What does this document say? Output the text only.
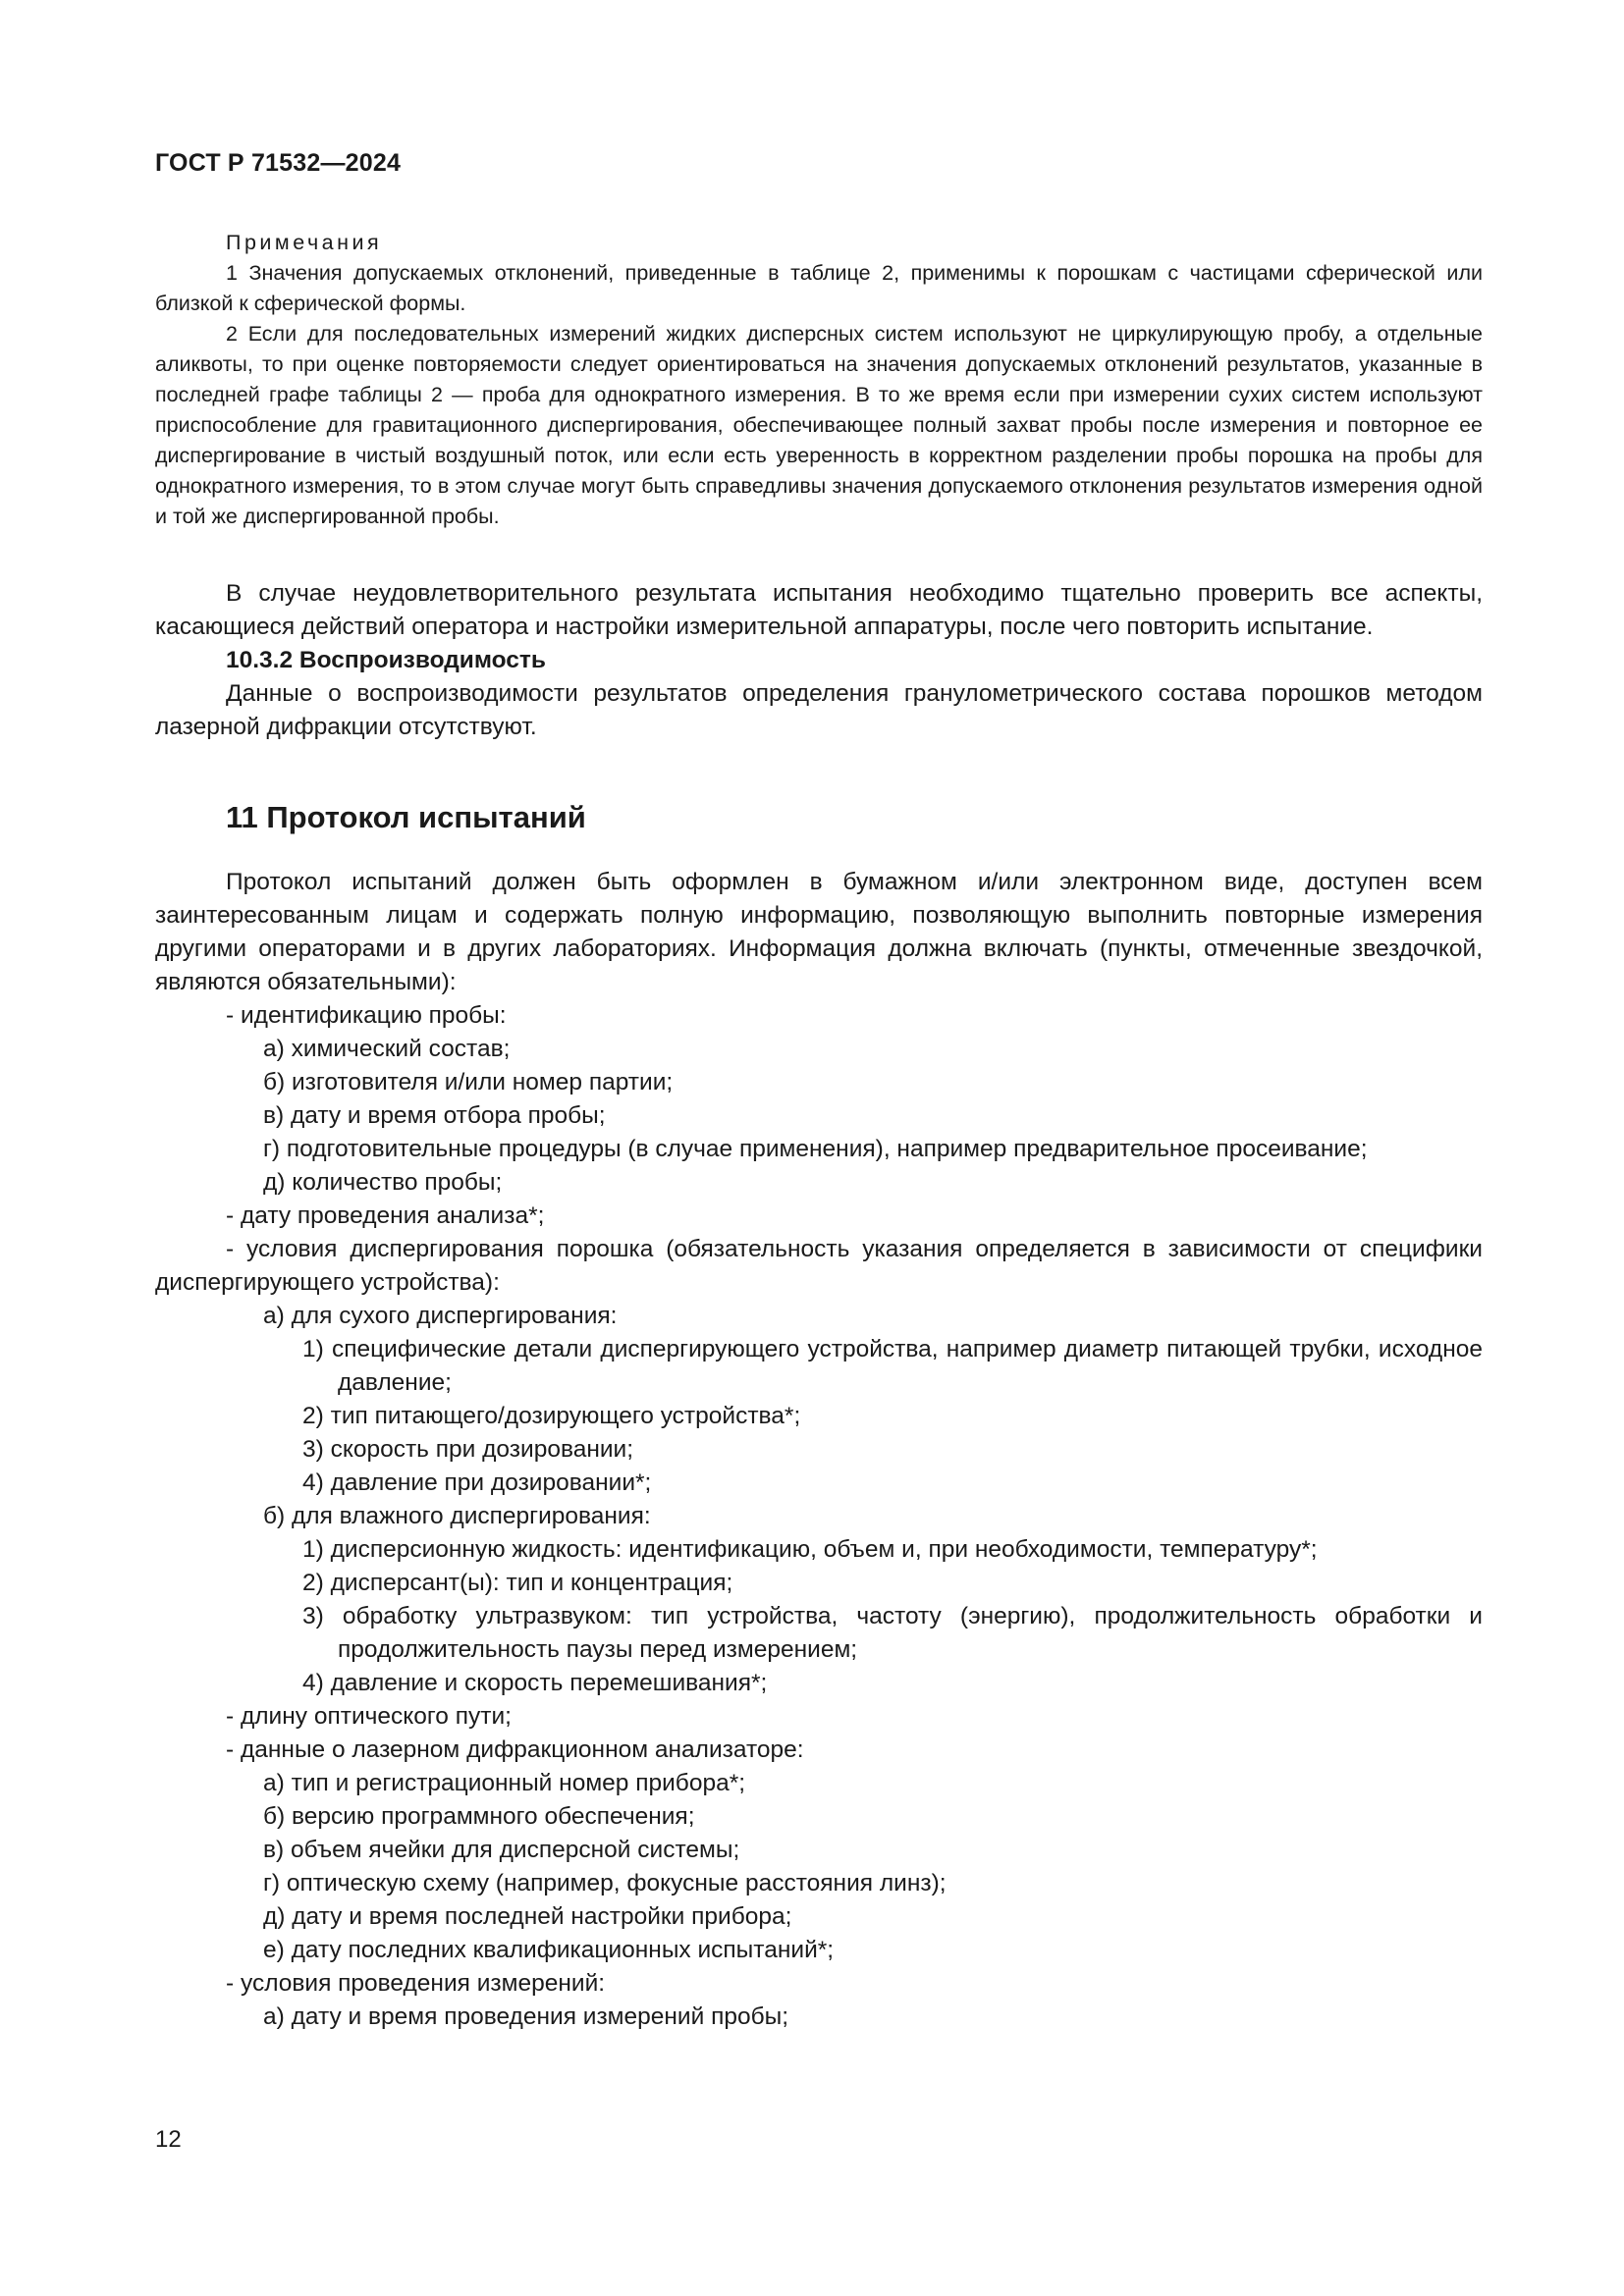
ГОСТ Р 71532—2024
Примечания

1 Значения допускаемых отклонений, приведенные в таблице 2, применимы к порошкам с частицами сферической или близкой к сферической формы.

2 Если для последовательных измерений жидких дисперсных систем используют не циркулирующую пробу, а отдельные аликвоты, то при оценке повторяемости следует ориентироваться на значения допускаемых отклонений результатов, указанные в последней графе таблицы 2 — проба для однократного измерения. В то же время если при измерении сухих систем используют приспособление для гравитационного диспергирования, обеспечивающее полный захват пробы после измерения и повторное ее диспергирование в чистый воздушный поток, или если есть уверенность в корректном разделении пробы порошка на пробы для однократного измерения, то в этом случае могут быть справедливы значения допускаемого отклонения результатов измерения одной и той же диспергированной пробы.

В случае неудовлетворительного результата испытания необходимо тщательно проверить все аспекты, касающиеся действий оператора и настройки измерительной аппаратуры, после чего повторить испытание.

10.3.2 Воспроизводимость

Данные о воспроизводимости результатов определения гранулометрического состава порошков методом лазерной дифракции отсутствуют.

11 Протокол испытаний

Протокол испытаний должен быть оформлен в бумажном и/или электронном виде, доступен всем заинтересованным лицам и содержать полную информацию, позволяющую выполнить повторные измерения другими операторами и в других лабораториях. Информация должна включать (пункты, отмеченные звездочкой, являются обязательными):

- идентификацию пробы:
а) химический состав;
б) изготовителя и/или номер партии;
в) дату и время отбора пробы;
г) подготовительные процедуры (в случае применения), например предварительное просеивание;
д) количество пробы;
- дату проведения анализа*;

- условия диспергирования порошка (обязательность указания определяется в зависимости от специфики диспергирующего устройства):

а) для сухого диспергирования:
1) специфические детали диспергирующего устройства, например диаметр питающей трубки, исходное давление;
2) тип питающего/дозирующего устройства*;
3) скорость при дозировании;
4) давление при дозировании*;
б) для влажного диспергирования:
1) дисперсионную жидкость: идентификацию, объем и, при необходимости, температуру*;
2) дисперсант(ы): тип и концентрация;
3) обработку ультразвуком: тип устройства, частоту (энергию), продолжительность обработки и продолжительность паузы перед измерением;
4) давление и скорость перемешивания*;
- длину оптического пути;
- данные о лазерном дифракционном анализаторе:
а) тип и регистрационный номер прибора*;
б) версию программного обеспечения;
в) объем ячейки для дисперсной системы;
г) оптическую схему (например, фокусные расстояния линз);
д) дату и время последней настройки прибора;
е) дату последних квалификационных испытаний*;
- условия проведения измерений:
а) дату и время проведения измерений пробы;
12
